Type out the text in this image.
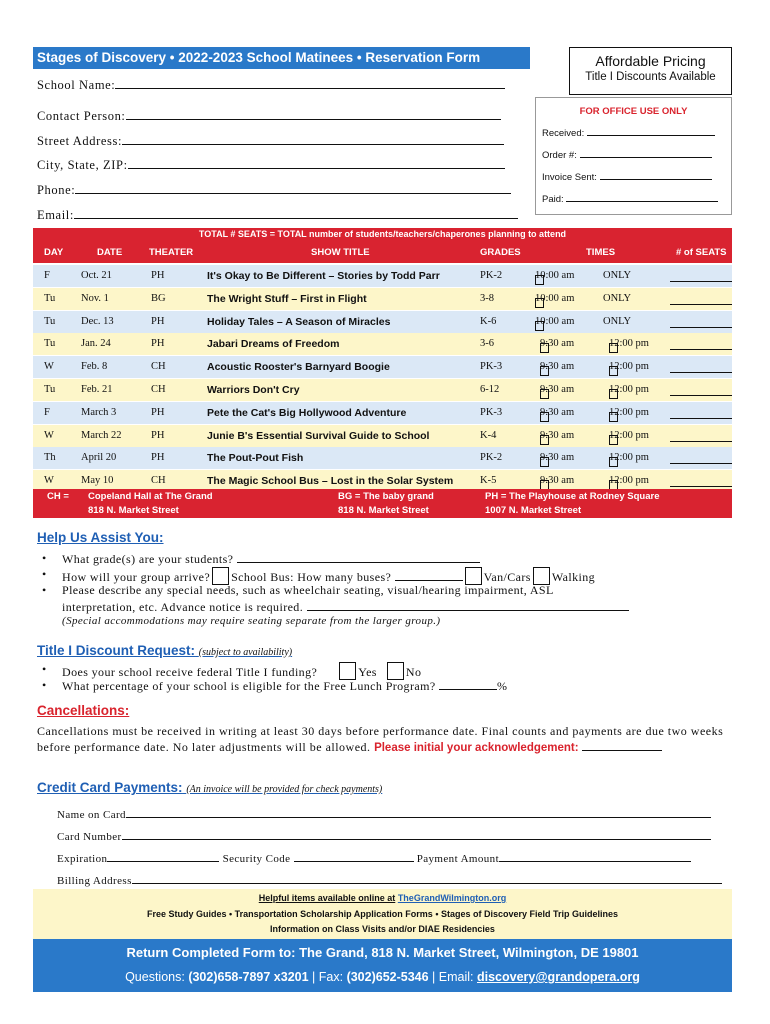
Stages of Discovery • 2022-2023 School Matinees • Reservation Form	Affordable Pricing
Title I Discounts Available
School Name:
Contact Person:
Street Address:
City, State, ZIP:
Phone:
Email:
FOR OFFICE USE ONLY
Received:
Order #:
Invoice Sent:
Paid:
TOTAL # SEATS = TOTAL number of students/teachers/chaperones planning to attend
DAY	DATE	THEATER	SHOW TITLE	GRADES	TIMES	# of SEATS
F	Oct. 21	PH	It's Okay to Be Different – Stories by Todd Parr	PK-2	10:00 am	ONLY
Tu Nov. 1	BG	The Wright Stuff – First in Flight	3-8	10:00 am	ONLY
Tu Dec. 13	PH	Holiday Tales – A Season of Miracles	K-6	10:00 am	ONLY
Tu Jan. 24	PH	Jabari Dreams of Freedom	3-6	9:30 am	12:00 pm
W	Feb. 8	CH	Acoustic Rooster's Barnyard Boogie	PK-3	9:30 am	12:00 pm
Tu Feb. 21	CH	Warriors Don't Cry	6-12	9:30 am	12:00 pm
F	March 3	PH	Pete the Cat's Big Hollywood Adventure	PK-3	9:30 am	12:00 pm
W	March 22	PH	Junie B's Essential Survival Guide to School	K-4	9:30 am	12:00 pm
Th April 20	PH	The Pout-Pout Fish	PK-2	9:30 am	12:00 pm
W	May 10	CH	The Magic School Bus – Lost in the Solar System	K-5	9:30 am	12:00 pm
CH = Copeland Hall at The Grand
818 N. Market Street
BG = The baby grand
818 N. Market Street
PH = The Playhouse at Rodney Square
1007 N. Market Street
Help Us Assist You:
• What grade(s) are your students?
• How will your group arrive? School Bus: How many buses?	Van/Cars Walking
• Please describe any special needs, such as wheelchair seating, visual/hearing impairment, ASL
interpretation, etc. Advance notice is required.
(Special accommodations may require seating separate from the larger group.)
Title I Discount Request: (subject to availability)
• Does your school receive federal Title I funding?	Yes No
• What percentage of your school is eligible for the Free Lunch Program?	%
Cancellations:
Cancellations must be received in writing at least 30 days before performance date. Final counts and payments are due two weeks before performance date. No later adjustments will be allowed. Please initial your acknowledgement:
Credit Card Payments: (An invoice will be provided for check payments)
Name on Card
Card Number
Expiration	Security Code	Payment Amount
Billing Address
Helpful items available online at TheGrandWilmington.org
Free Study Guides • Transportation Scholarship Application Forms • Stages of Discovery Field Trip Guidelines
Information on Class Visits and/or DIAE Residencies
Return Completed Form to: The Grand, 818 N. Market Street, Wilmington, DE 19801
Questions: (302)658-7897 x3201 | Fax: (302)652-5346 | Email: discovery@grandopera.org
